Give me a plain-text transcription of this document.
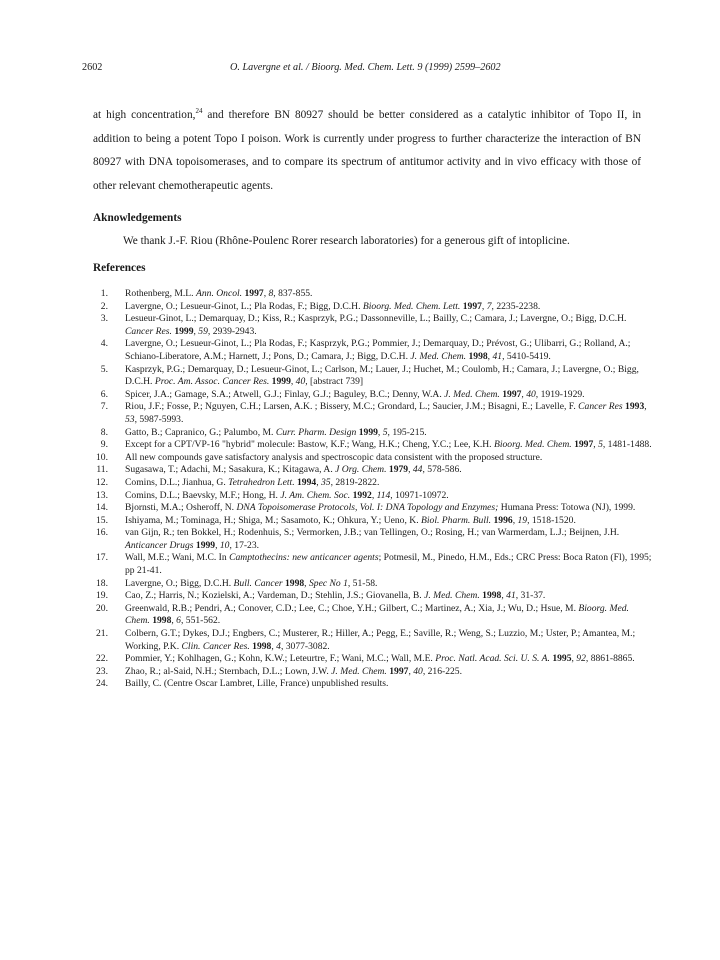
2602	O. Lavergne et al. / Bioorg. Med. Chem. Lett. 9 (1999) 2599–2602
at high concentration,$^{24}$ and therefore BN 80927 should be better considered as a catalytic inhibitor of Topo II, in addition to being a potent Topo I poison. Work is currently under progress to further characterize the interaction of BN 80927 with DNA topoisomerases, and to compare its spectrum of antitumor activity and in vivo efficacy with those of other relevant chemotherapeutic agents.
Aknowledgements
We thank J.-F. Riou (Rhône-Poulenc Rorer research laboratories) for a generous gift of intoplicine.
References
1. Rothenberg, M.L. Ann. Oncol. 1997, 8, 837-855.
2. Lavergne, O.; Lesueur-Ginot, L.; Pla Rodas, F.; Bigg, D.C.H. Bioorg. Med. Chem. Lett. 1997, 7, 2235-2238.
3. Lesueur-Ginot, L.; Demarquay, D.; Kiss, R.; Kasprzyk, P.G.; Dassonneville, L.; Bailly, C.; Camara, J.; Lavergne, O.; Bigg, D.C.H. Cancer Res. 1999, 59, 2939-2943.
4. Lavergne, O.; Lesueur-Ginot, L.; Pla Rodas, F.; Kasprzyk, P.G.; Pommier, J.; Demarquay, D.; Prévost, G.; Ulibarri, G.; Rolland, A.; Schiano-Liberatore, A.M.; Harnett, J.; Pons, D.; Camara, J.; Bigg, D.C.H. J. Med. Chem. 1998, 41, 5410-5419.
5. Kasprzyk, P.G.; Demarquay, D.; Lesueur-Ginot, L.; Carlson, M.; Lauer, J.; Huchet, M.; Coulomb, H.; Camara, J.; Lavergne, O.; Bigg, D.C.H. Proc. Am. Assoc. Cancer Res. 1999, 40, [abstract 739]
6. Spicer, J.A.; Gamage, S.A.; Atwell, G.J.; Finlay, G.J.; Baguley, B.C.; Denny, W.A. J. Med. Chem. 1997, 40, 1919-1929.
7. Riou, J.F.; Fosse, P.; Nguyen, C.H.; Larsen, A.K. ; Bissery, M.C.; Grondard, L.; Saucier, J.M.; Bisagni, E.; Lavelle, F. Cancer Res 1993, 53, 5987-5993.
8. Gatto, B.; Capranico, G.; Palumbo, M. Curr. Pharm. Design 1999, 5, 195-215.
9. Except for a CPT/VP-16 "hybrid" molecule: Bastow, K.F.; Wang, H.K.; Cheng, Y.C.; Lee, K.H. Bioorg. Med. Chem. 1997, 5, 1481-1488.
10. All new compounds gave satisfactory analysis and spectroscopic data consistent with the proposed structure.
11. Sugasawa, T.; Adachi, M.; Sasakura, K.; Kitagawa, A. J Org. Chem. 1979, 44, 578-586.
12. Comins, D.L.; Jianhua, G. Tetrahedron Lett. 1994, 35, 2819-2822.
13. Comins, D.L.; Baevsky, M.F.; Hong, H. J. Am. Chem. Soc. 1992, 114, 10971-10972.
14. Bjornsti, M.A.; Osheroff, N. DNA Topoisomerase Protocols, Vol. I: DNA Topology and Enzymes; Humana Press: Totowa (NJ), 1999.
15. Ishiyama, M.; Tominaga, H.; Shiga, M.; Sasamoto, K.; Ohkura, Y.; Ueno, K. Biol. Pharm. Bull. 1996, 19, 1518-1520.
16. van Gijn, R.; ten Bokkel, H.; Rodenhuis, S.; Vermorken, J.B.; van Tellingen, O.; Rosing, H.; van Warmerdam, L.J.; Beijnen, J.H. Anticancer Drugs 1999, 10, 17-23.
17. Wall, M.E.; Wani, M.C. In Camptothecins: new anticancer agents; Potmesil, M., Pinedo, H.M., Eds.; CRC Press: Boca Raton (Fl), 1995; pp 21-41.
18. Lavergne, O.; Bigg, D.C.H. Bull. Cancer 1998, Spec No 1, 51-58.
19. Cao, Z.; Harris, N.; Kozielski, A.; Vardeman, D.; Stehlin, J.S.; Giovanella, B. J. Med. Chem. 1998, 41, 31-37.
20. Greenwald, R.B.; Pendri, A.; Conover, C.D.; Lee, C.; Choe, Y.H.; Gilbert, C.; Martinez, A.; Xia, J.; Wu, D.; Hsue, M. Bioorg. Med. Chem. 1998, 6, 551-562.
21. Colbern, G.T.; Dykes, D.J.; Engbers, C.; Musterer, R.; Hiller, A.; Pegg, E.; Saville, R.; Weng, S.; Luzzio, M.; Uster, P.; Amantea, M.; Working, P.K. Clin. Cancer Res. 1998, 4, 3077-3082.
22. Pommier, Y.; Kohlhagen, G.; Kohn, K.W.; Leteurtre, F.; Wani, M.C.; Wall, M.E. Proc. Natl. Acad. Sci. U. S. A. 1995, 92, 8861-8865.
23. Zhao, R.; al-Said, N.H.; Sternbach, D.L.; Lown, J.W. J. Med. Chem. 1997, 40, 216-225.
24. Bailly, C. (Centre Oscar Lambret, Lille, France) unpublished results.
